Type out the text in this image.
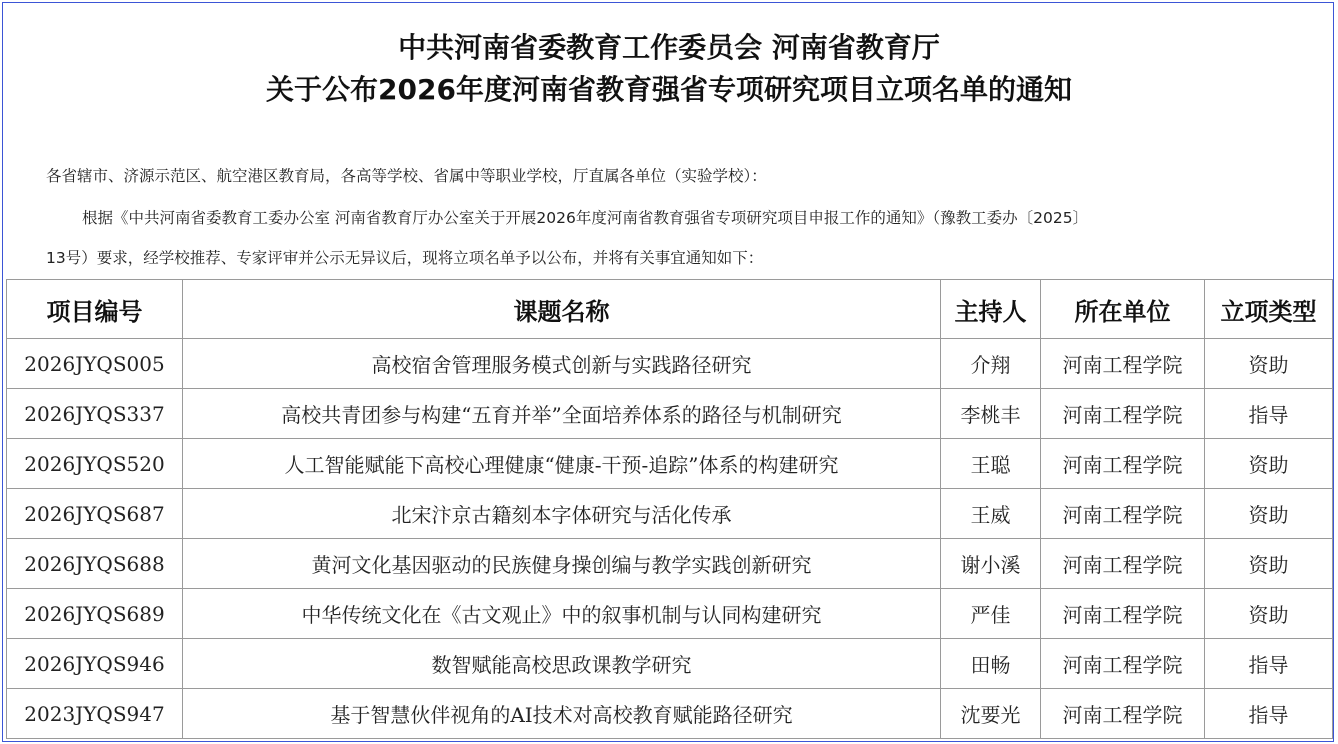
中共河南省委教育工作委员会 河南省教育厅
关于公布2026年度河南省教育强省专项研究项目立项名单的通知
各省辖市、济源示范区、航空港区教育局，各高等学校、省属中等职业学校，厅直属各单位（实验学校）：
根据《中共河南省委教育工委办公室 河南省教育厅办公室关于开展2026年度河南省教育强省专项研究项目申报工作的通知》（豫教工委办〔2025〕
13号）要求，经学校推荐、专家评审并公示无异议后，现将立项名单予以公布，并将有关事宜通知如下：
项目编号	课题名称	主持人	所在单位	立项类型
2026JYQS005	高校宿舍管理服务模式创新与实践路径研究	介翔	河南工程学院	资助
2026JYQS337	高校共青团参与构建“五育并举”全面培养体系的路径与机制研究	李桃丰	河南工程学院	指导
2026JYQS520	人工智能赋能下高校心理健康“健康-干预-追踪”体系的构建研究	王聪	河南工程学院	资助
2026JYQS687	北宋汴京古籍刻本字体研究与活化传承	王威	河南工程学院	资助
2026JYQS688	黄河文化基因驱动的民族健身操创编与教学实践创新研究	谢小溪	河南工程学院	资助
2026JYQS689	中华传统文化在《古文观止》中的叙事机制与认同构建研究	严佳	河南工程学院	资助
2026JYQS946	数智赋能高校思政课教学研究	田畅	河南工程学院	指导
2023JYQS947	基于智慧伙伴视角的AI技术对高校教育赋能路径研究	沈要光	河南工程学院	指导
